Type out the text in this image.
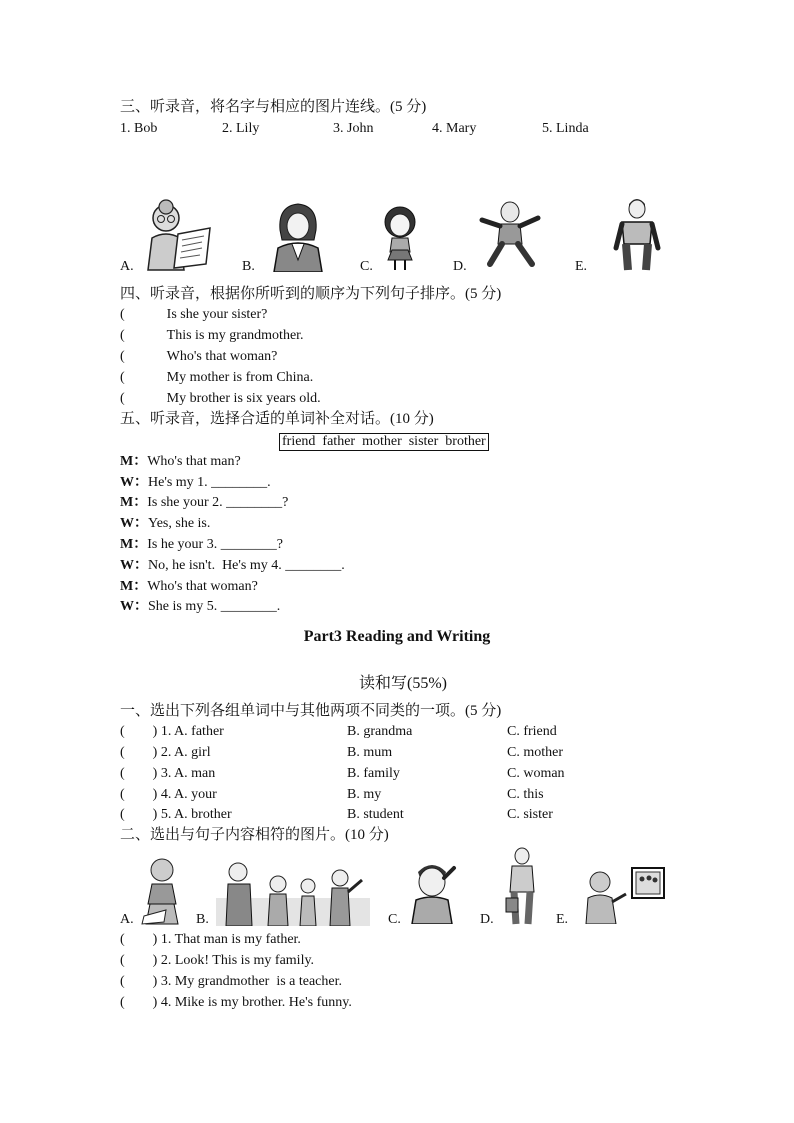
三、听录音，将名字与相应的图片连线。(5 分)
1. Bob	2. Lily	3. John	4. Mary	5. Linda
A.	B.	C.	D.	E.
四、听录音，根据你所听到的顺序为下列句子排序。(5 分)
(	Is she your sister?
(	This is my grandmother.
(	Who's that woman?
(	My mother is from China.
(	My brother is six years old.
五、听录音，选择合适的单词补全对话。(10 分)
friend  father  mother  sister  brother
M：Who's that man?
W：He's my 1. ________.
M：Is she your 2. ________?
W：Yes, she is.
M：Is he your 3. ________?
W：No, he isn't.  He's my 4. ________.
M：Who's that woman?
W：She is my 5. ________.
Part3 Reading and Writing
读和写(55%)
一、选出下列各组单词中与其他两项不同类的一项。(5 分)
( ) 1. A. father	B. grandma	C. friend
( ) 2. A. girl	B. mum	C. mother
( ) 3. A. man	B. family	C. woman
( ) 4. A. your	B. my	C. this
( ) 5. A. brother	B. student	C. sister
二、选出与句子内容相符的图片。(10 分)
A.	B.	C.	D.	E.
( ) 1. That man is my father.
( ) 2. Look! This is my family.
( ) 3. My grandmother  is a teacher.
( ) 4. Mike is my brother. He's funny.
